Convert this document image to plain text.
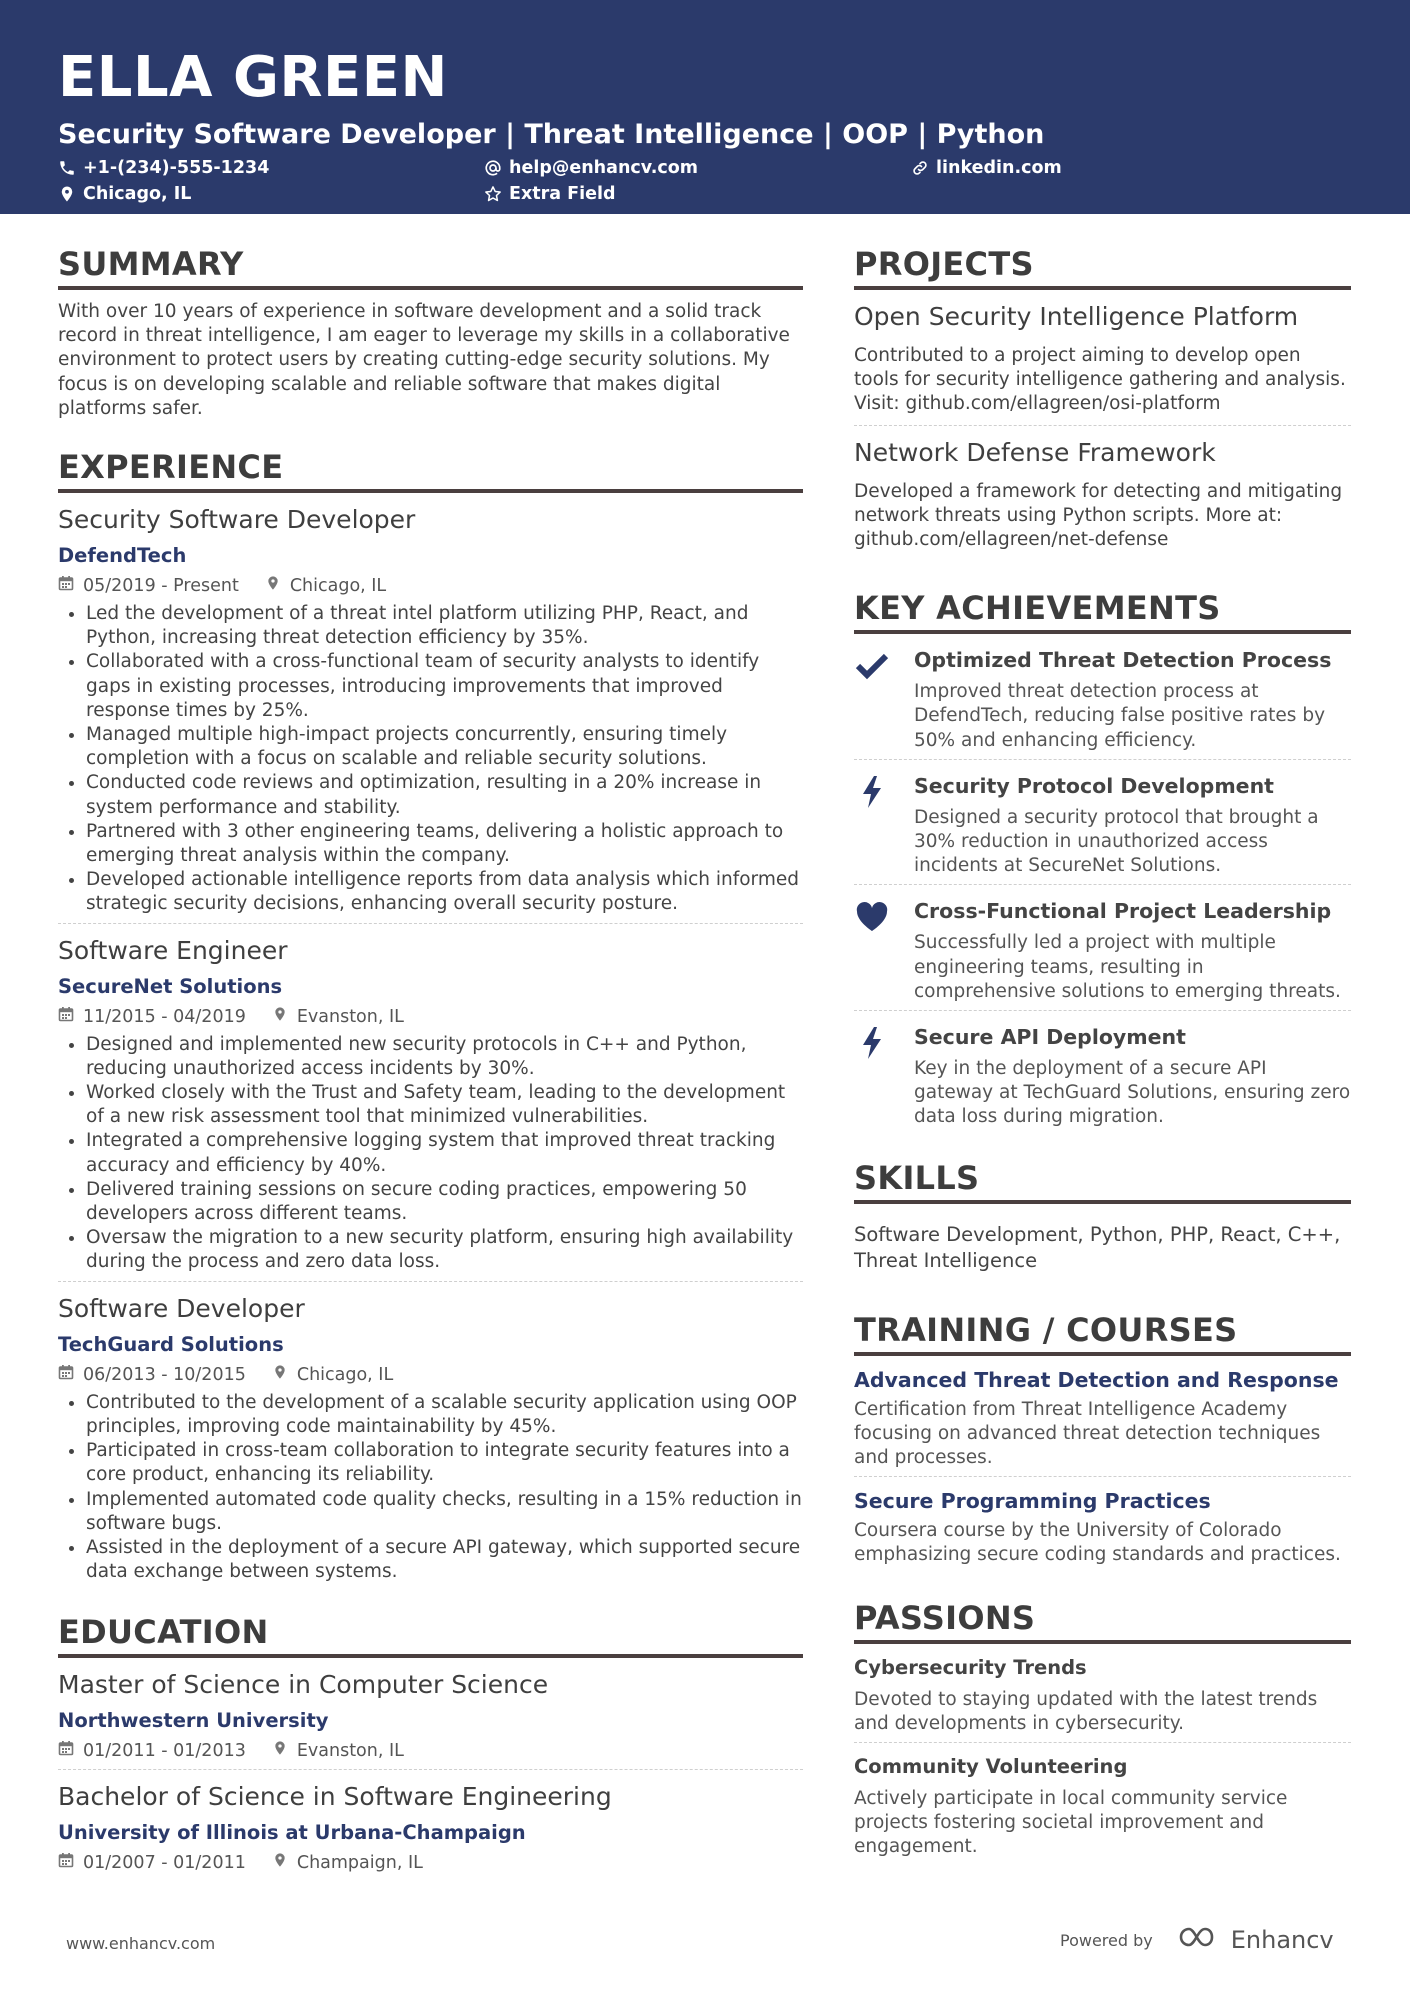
ELLA GREEN
Security Software Developer | Threat Intelligence | OOP | Python
+1-(234)-555-1234	help@enhancv.com	linkedin.com
Chicago, IL	Extra Field
SUMMARY
With over 10 years of experience in software development and a solid track record in threat intelligence, I am eager to leverage my skills in a collaborative environment to protect users by creating cutting-edge security solutions. My focus is on developing scalable and reliable software that makes digital platforms safer.
EXPERIENCE
Security Software Developer
DefendTech
05/2019 - Present	Chicago, IL
• Led the development of a threat intel platform utilizing PHP, React, and Python, increasing threat detection efficiency by 35%.
• Collaborated with a cross-functional team of security analysts to identify gaps in existing processes, introducing improvements that improved response times by 25%.
• Managed multiple high-impact projects concurrently, ensuring timely completion with a focus on scalable and reliable security solutions.
• Conducted code reviews and optimization, resulting in a 20% increase in system performance and stability.
• Partnered with 3 other engineering teams, delivering a holistic approach to emerging threat analysis within the company.
• Developed actionable intelligence reports from data analysis which informed strategic security decisions, enhancing overall security posture.
Software Engineer
SecureNet Solutions
11/2015 - 04/2019	Evanston, IL
• Designed and implemented new security protocols in C++ and Python, reducing unauthorized access incidents by 30%.
• Worked closely with the Trust and Safety team, leading to the development of a new risk assessment tool that minimized vulnerabilities.
• Integrated a comprehensive logging system that improved threat tracking accuracy and efficiency by 40%.
• Delivered training sessions on secure coding practices, empowering 50 developers across different teams.
• Oversaw the migration to a new security platform, ensuring high availability during the process and zero data loss.
Software Developer
TechGuard Solutions
06/2013 - 10/2015	Chicago, IL
• Contributed to the development of a scalable security application using OOP principles, improving code maintainability by 45%.
• Participated in cross-team collaboration to integrate security features into a core product, enhancing its reliability.
• Implemented automated code quality checks, resulting in a 15% reduction in software bugs.
• Assisted in the deployment of a secure API gateway, which supported secure data exchange between systems.
EDUCATION
Master of Science in Computer Science
Northwestern University
01/2011 - 01/2013	Evanston, IL
Bachelor of Science in Software Engineering
University of Illinois at Urbana-Champaign
01/2007 - 01/2011	Champaign, IL
PROJECTS
Open Security Intelligence Platform
Contributed to a project aiming to develop open tools for security intelligence gathering and analysis. Visit: github.com/ellagreen/osi-platform
Network Defense Framework
Developed a framework for detecting and mitigating network threats using Python scripts. More at: github.com/ellagreen/net-defense
KEY ACHIEVEMENTS
Optimized Threat Detection Process
Improved threat detection process at DefendTech, reducing false positive rates by 50% and enhancing efficiency.
Security Protocol Development
Designed a security protocol that brought a 30% reduction in unauthorized access incidents at SecureNet Solutions.
Cross-Functional Project Leadership
Successfully led a project with multiple engineering teams, resulting in comprehensive solutions to emerging threats.
Secure API Deployment
Key in the deployment of a secure API gateway at TechGuard Solutions, ensuring zero data loss during migration.
SKILLS
Software Development, Python, PHP, React, C++, Threat Intelligence
TRAINING / COURSES
Advanced Threat Detection and Response
Certification from Threat Intelligence Academy focusing on advanced threat detection techniques and processes.
Secure Programming Practices
Coursera course by the University of Colorado emphasizing secure coding standards and practices.
PASSIONS
Cybersecurity Trends
Devoted to staying updated with the latest trends and developments in cybersecurity.
Community Volunteering
Actively participate in local community service projects fostering societal improvement and engagement.
www.enhancv.com	Powered by	Enhancv
